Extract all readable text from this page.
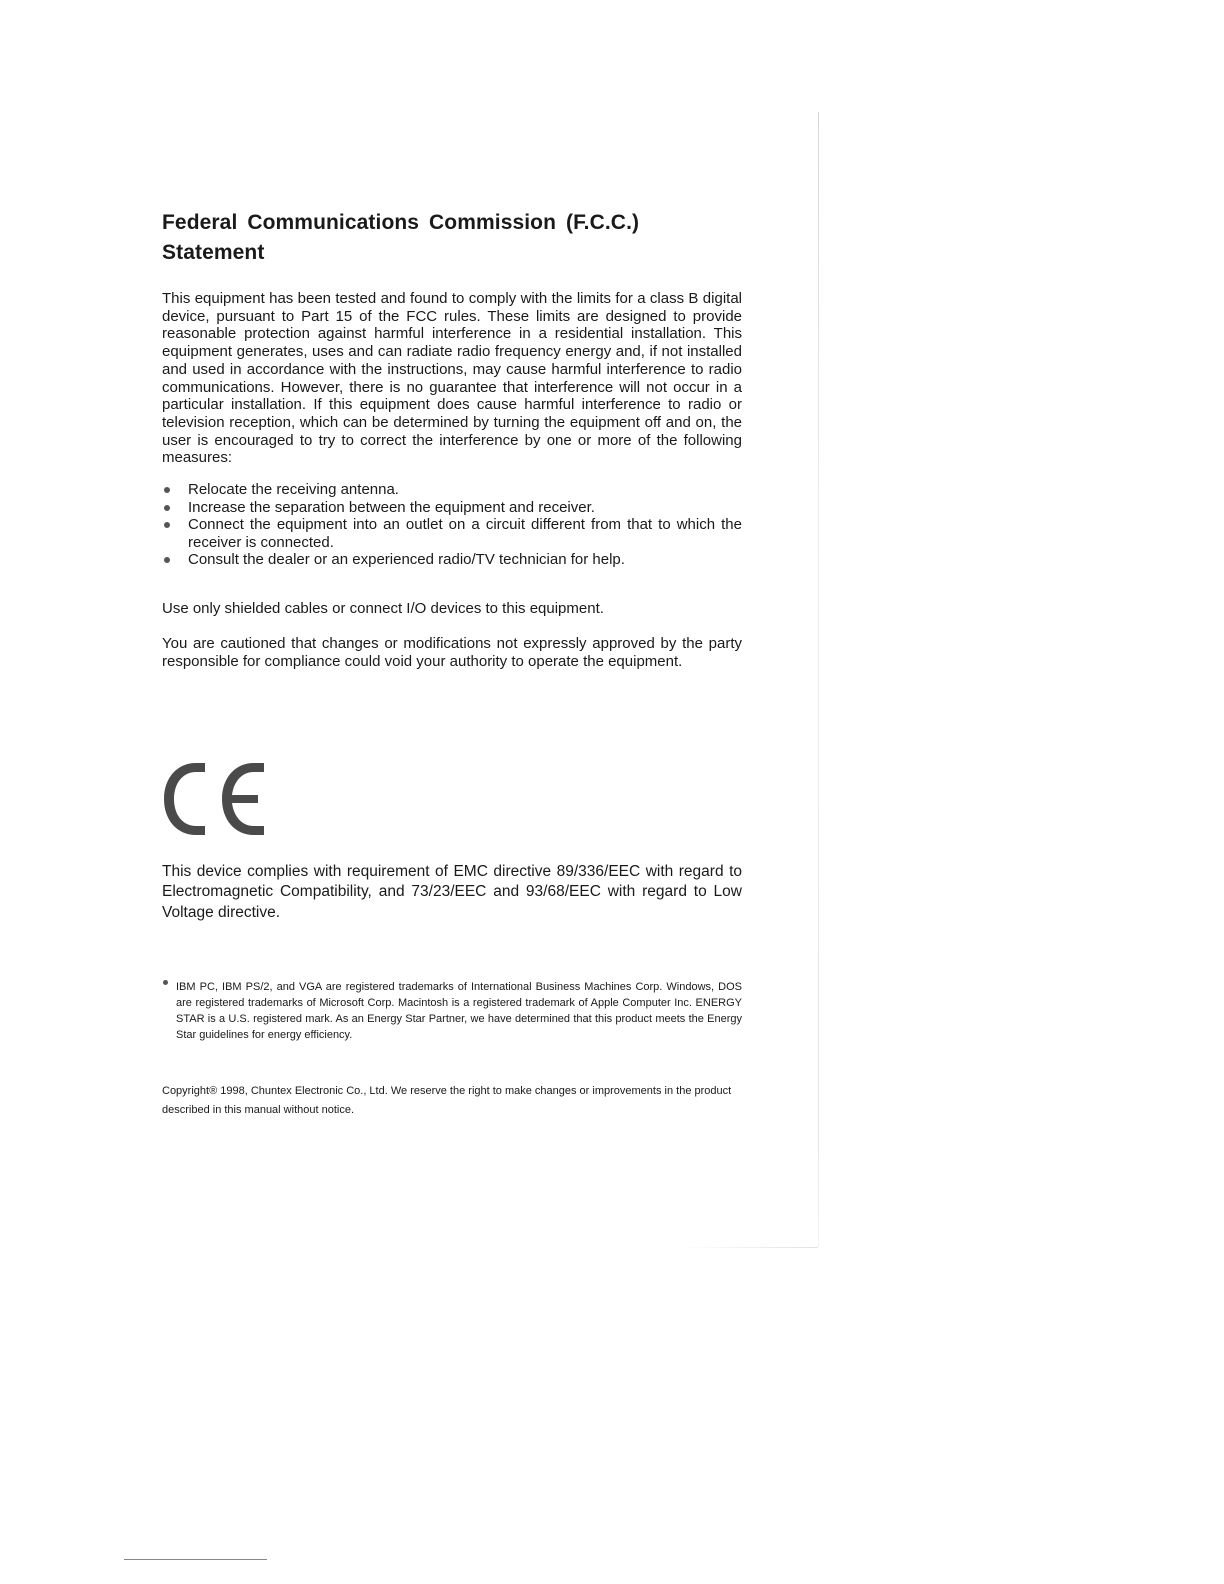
Federal Communications Commission (F.C.C.) Statement

This equipment has been tested and found to comply with the limits for a class B digital device, pursuant to Part 15 of the FCC rules. These limits are designed to provide reasonable protection against harmful interference in a residential installation. This equipment generates, uses and can radiate radio frequency energy and, if not installed and used in accordance with the instructions, may cause harmful interference to radio communications. However, there is no guarantee that interference will not occur in a particular installation. If this equipment does cause harmful interference to radio or television reception, which can be determined by turning the equipment off and on, the user is encouraged to try to correct the interference by one or more of the following measures:

Relocate the receiving antenna.
Increase the separation between the equipment and receiver.
Connect the equipment into an outlet on a circuit different from that to which the receiver is connected.
Consult the dealer or an experienced radio/TV technician for help.

Use only shielded cables or connect I/O devices to this equipment.

You are cautioned that changes or modifications not expressly approved by the party responsible for compliance could void your authority to operate the equipment.

This device complies with requirement of EMC directive 89/336/EEC with regard to Electromagnetic Compatibility, and 73/23/EEC and 93/68/EEC with regard to Low Voltage directive.

IBM PC, IBM PS/2, and VGA are registered trademarks of International Business Machines Corp. Windows, DOS are registered trademarks of Microsoft Corp. Macintosh is a registered trademark of Apple Computer Inc. ENERGY STAR is a U.S. registered mark. As an Energy Star Partner, we have determined that this product meets the Energy Star guidelines for energy efficiency.

Copyright® 1998, Chuntex Electronic Co., Ltd. We reserve the right to make changes or improvements in the product described in this manual without notice.
